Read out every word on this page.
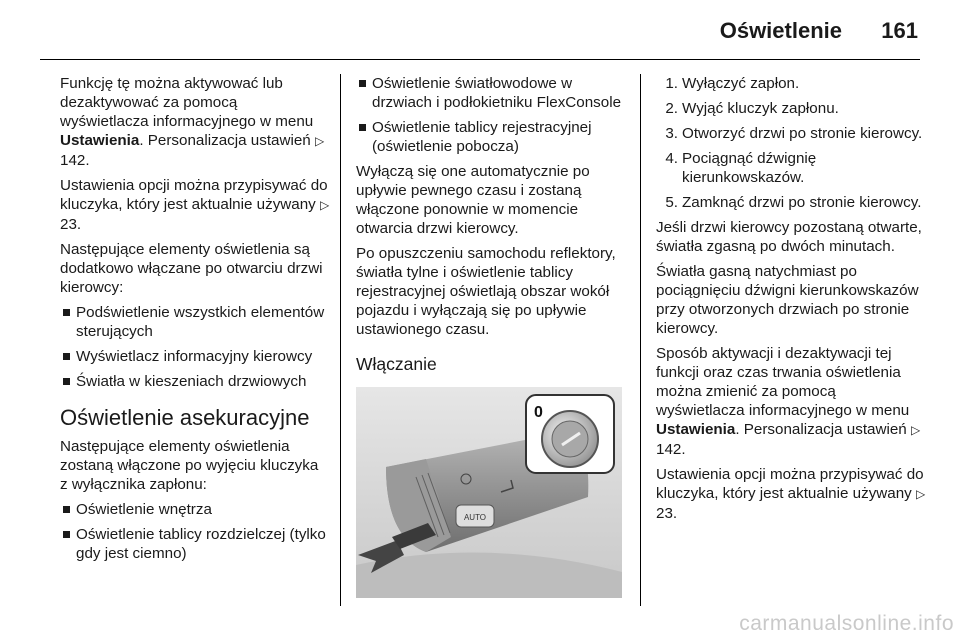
Oświetlenie 161

Funkcję tę można aktywować lub dezaktywować za pomocą wyświetlacza informacyjnego w menu Ustawienia. Personalizacja ustawień ▷ 142.

Ustawienia opcji można przypisywać do kluczyka, który jest aktualnie używany ▷ 23.

Następujące elementy oświetlenia są dodatkowo włączane po otwarciu drzwi kierowcy:

Podświetlenie wszystkich elementów sterujących
Wyświetlacz informacyjny kierowcy
Światła w kieszeniach drzwiowych
Oświetlenie asekuracyjne

Następujące elementy oświetlenia zostaną włączone po wyjęciu kluczyka z wyłącznika zapłonu:

Oświetlenie wnętrza
Oświetlenie tablicy rozdzielczej (tylko gdy jest ciemno)
Oświetlenie światłowodowe w drzwiach i podłokietniku FlexConsole
Oświetlenie tablicy rejestracyjnej (oświetlenie pobocza)

Wyłączą się one automatycznie po upływie pewnego czasu i zostaną włączone ponownie w momencie otwarcia drzwi kierowcy.

Po opuszczeniu samochodu reflektory, światła tylne i oświetlenie tablicy rejestracyjnej oświetlają obszar wokół pojazdu i wyłączają się po upływie ustawionego czasu.

Włączanie
AUTO
0
1. Wyłączyć zapłon.
2. Wyjąć kluczyk zapłonu.
3. Otworzyć drzwi po stronie kierowcy.
4. Pociągnąć dźwignię kierunkowskazów.
5. Zamknąć drzwi po stronie kierowcy.

Jeśli drzwi kierowcy pozostaną otwarte, światła zgasną po dwóch minutach.

Światła gasną natychmiast po pociągnięciu dźwigni kierunkowskazów przy otworzonych drzwiach po stronie kierowcy.

Sposób aktywacji i dezaktywacji tej funkcji oraz czas trwania oświetlenia można zmienić za pomocą wyświetlacza informacyjnego w menu Ustawienia. Personalizacja ustawień ▷ 142.

Ustawienia opcji można przypisywać do kluczyka, który jest aktualnie używany ▷ 23.

carmanualsonline.info
